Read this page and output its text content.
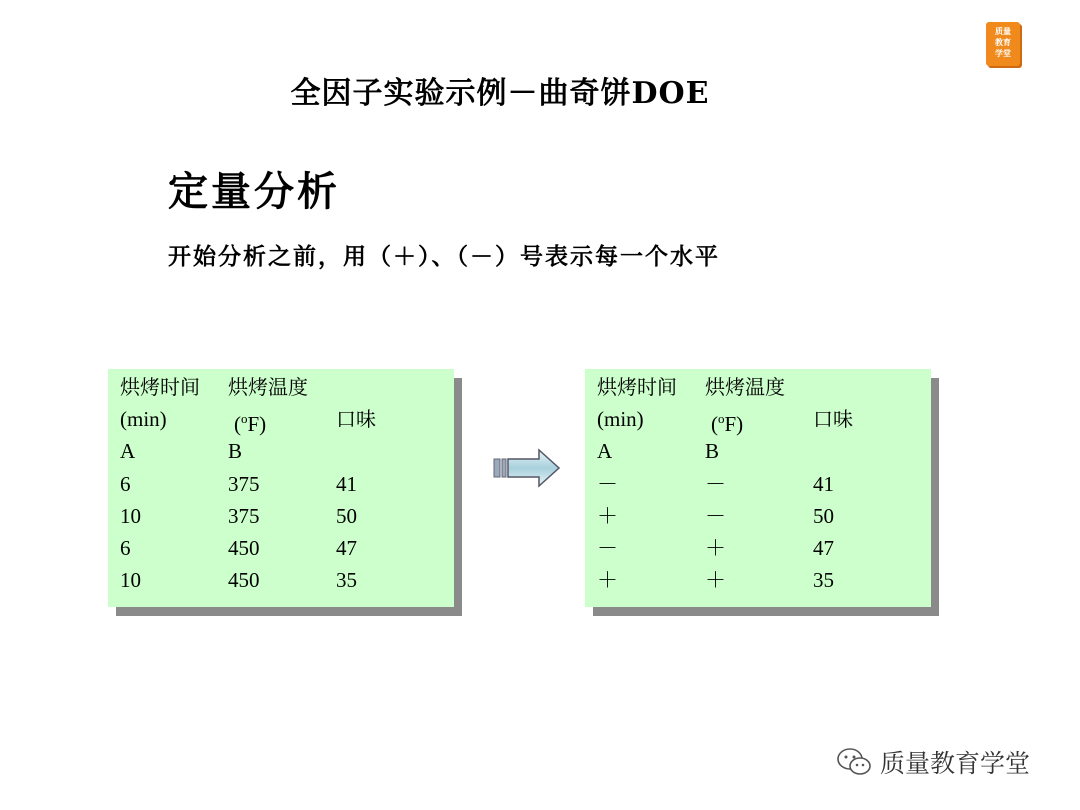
全因子实验示例－曲奇饼DOE
质量
教育
学堂
定量分析
开始分析之前，用（＋）、（－）号表示每一个水平
烘烤时间 烘烤温度
(min)	($^o$F)	口味
A	B
6	375	41
10	375	50
6	450	47
10	450	35
烘烤时间 烘烤温度
(min)	($^o$F)	口味
A	B
－	－	41
＋	－	50
－	＋	47
＋	＋	35
质量教育学堂
